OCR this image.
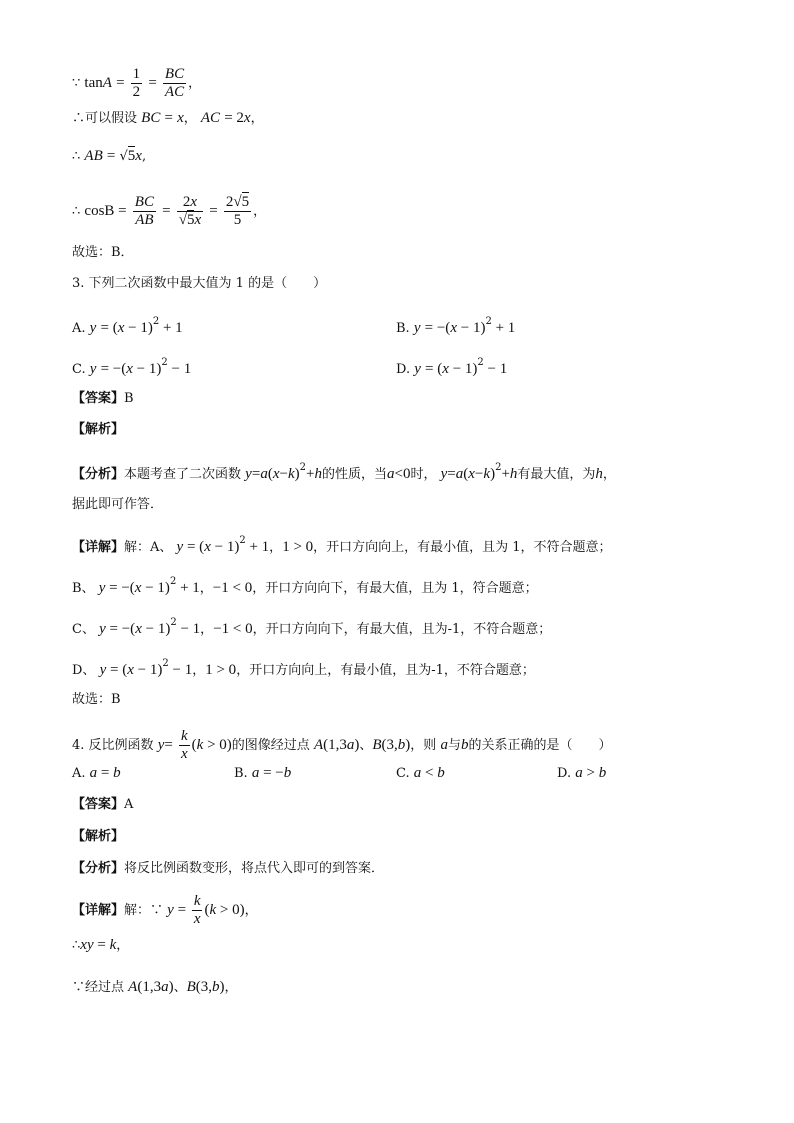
∵ $\tan A = \frac{1}{2} = \frac{BC}{AC}$ ，
∴可以假设 BC = x， AC = 2x，
∴ AB = √5x,
∴ $\cos B = \frac{BC}{AB} = \frac{2x}{√5x} = \frac{2√5}{5}$ ，
故选：B．
3. 下列二次函数中最大值为 1 的是（　　）
A. $y = (x - 1)^2 + 1$	B. $y = -(x - 1)^2 + 1$
C. $y = -(x - 1)^2 - 1$	D. $y = (x - 1)^2 - 1$
【答案】B
【解析】
【分析】本题考查了二次函数 $y=a(x-k)^2+h$的性质，当a<0时， $y=a(x-k)^2+h$有最大值，为h，
据此即可作答．
【详解】解：A、 $y = (x - 1)^2 + 1$，1 > 0，开口方向向上，有最小值，且为 1，不符合题意；
B、 $y = -(x - 1)^2 + 1$，−1 < 0，开口方向向下，有最大值，且为 1，符合题意；
C、 $y = -(x - 1)^2 - 1$，−1 < 0，开口方向向下，有最大值，且为-1，不符合题意；
D、 $y = (x - 1)^2 - 1$，1 > 0，开口方向向上，有最小值，且为-1，不符合题意；
故选：B
4. 反比例函数 $y= \frac{k}{x} (k > 0)$的图像经过点 A(1,3a)、B(3,b)，则 a与b的关系正确的是（　　）
A. a = b	B. a = −b	C. a < b	D. a > b
【答案】A
【解析】
【分析】将反比例函数变形，将点代入即可的到答案．
【详解】解：∵ $y = \frac{k}{x} (k > 0)$，
∴xy = k，
∵经过点 A(1,3a)、B(3,b)，
